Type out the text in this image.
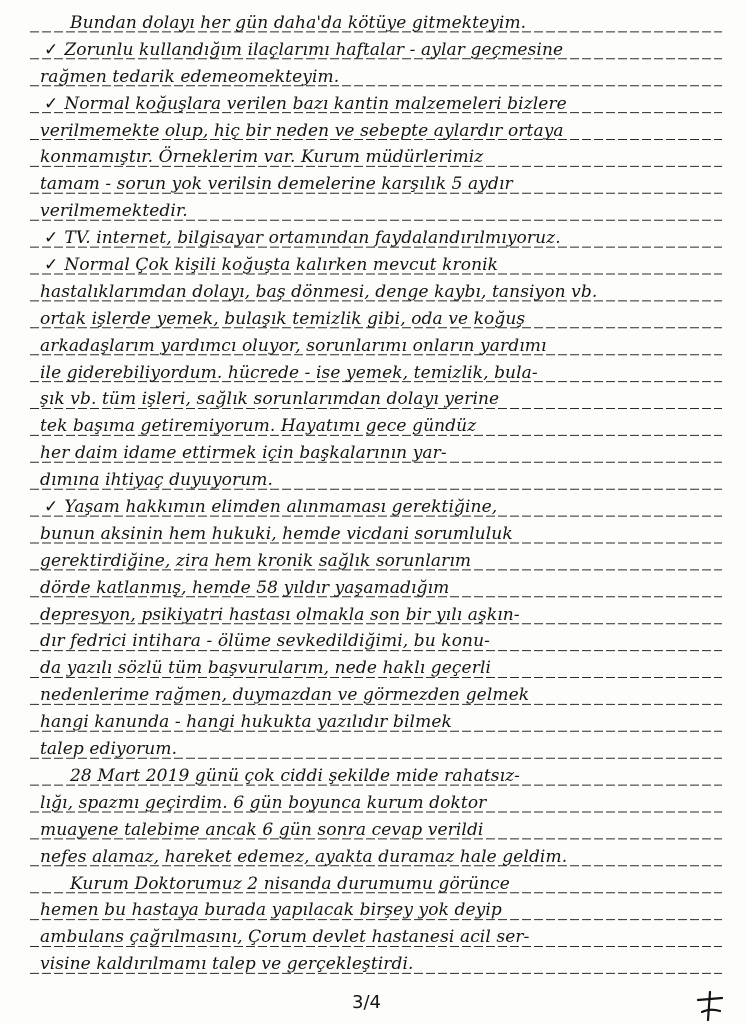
Bundan dolayı her gün daha'da kötüye gitmekteyim.
✓ Zorunlu kullandığım ilaçlarımı haftalar - aylar geçmesine
rağmen tedarik edemeomekteyim.
✓ Normal koğuşlara verilen bazı kantin malzemeleri bizlere
verilmemekte olup, hiç bir neden ve sebepte aylardır ortaya
konmamıştır. Örneklerim var. Kurum müdürlerimiz
tamam - sorun yok verilsin demelerine karşılık 5 aydır
verilmemektedir.
✓ TV. internet, bilgisayar ortamından faydalandırılmıyoruz.
✓ Normal Çok kişili koğuşta kalırken mevcut kronik
hastalıklarımdan dolayı, baş dönmesi, denge kaybı, tansiyon vb.
ortak işlerde yemek, bulaşık temizlik gibi, oda ve koğuş
arkadaşlarım yardımcı oluyor, sorunlarımı onların yardımı
ile giderebiliyordum. hücrede - ise yemek, temizlik, bula-
şık vb. tüm işleri, sağlık sorunlarımdan dolayı yerine
tek başıma getiremiyorum. Hayatımı gece gündüz
her daim idame ettirmek için başkalarının yar-
dımına ihtiyaç duyuyorum.
✓ Yaşam hakkımın elimden alınmaması gerektiğine,
bunun aksinin hem hukuki, hemde vicdani sorumluluk
gerektirdiğine, zira hem kronik sağlık sorunlarım
dörde katlanmış, hemde 58 yıldır yaşamadığım
depresyon, psikiyatri hastası olmakla son bir yılı aşkın-
dır fedrici intihara - ölüme sevkedildiğimi, bu konu-
da yazılı sözlü tüm başvurularım, nede haklı geçerli
nedenlerime rağmen, duymazdan ve görmezden gelmek
hangi kanunda - hangi hukukta yazılıdır bilmek
talep ediyorum.
28 Mart 2019 günü çok ciddi şekilde mide rahatsız-
lığı, spazmı geçirdim. 6 gün boyunca kurum doktor
muayene talebime ancak 6 gün sonra cevap verildi
nefes alamaz, hareket edemez, ayakta duramaz hale geldim.
Kurum Doktorumuz 2 nisanda durumumu görünce
hemen bu hastaya burada yapılacak birşey yok deyip
ambulans çağrılmasını, Çorum devlet hastanesi acil ser-
visine kaldırılmamı talep ve gerçekleştirdi.
3/4
